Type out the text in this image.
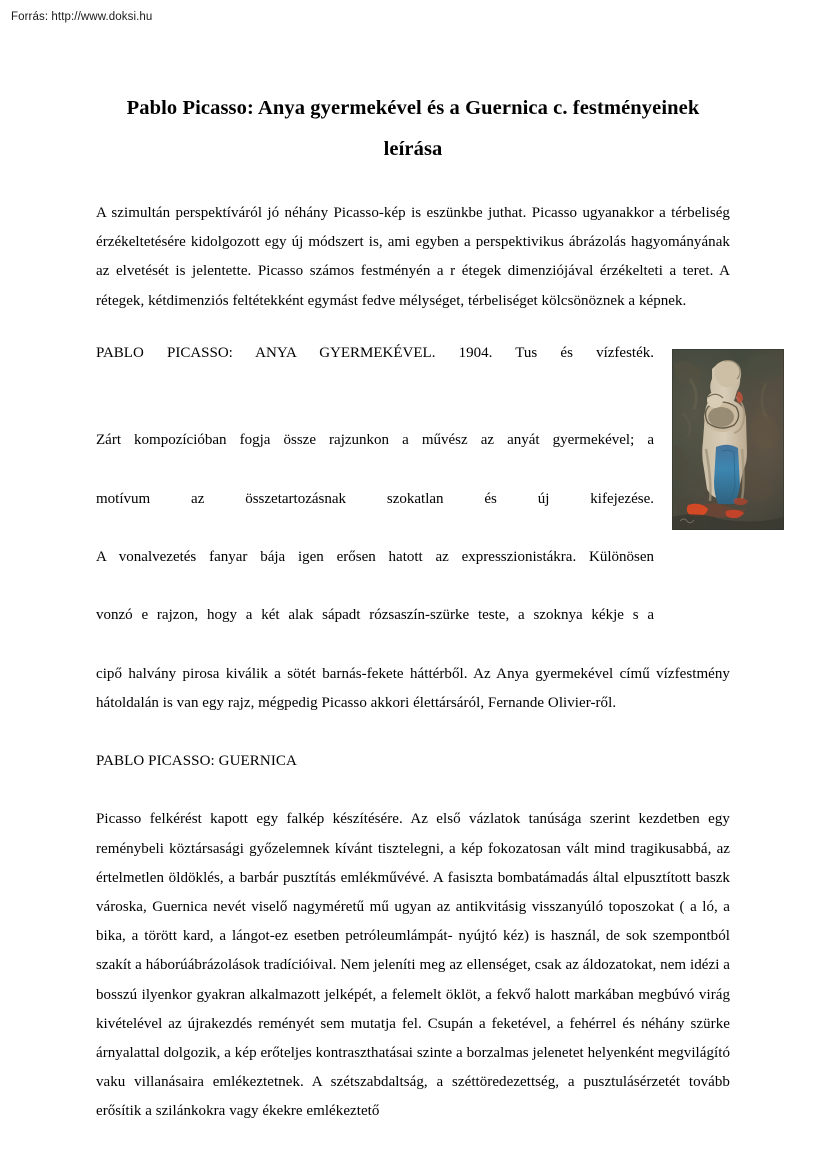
Forrás: http://www.doksi.hu
Pablo Picasso: Anya gyermekével és a Guernica c. festményeinek leírása

A szimultán perspektíváról jó néhány Picasso-kép is eszünkbe juthat. Picasso ugyanakkor a térbeliség érzékeltetésére kidolgozott egy új módszert is, ami egyben a perspektivikus ábrázolás hagyományának az elvetését is jelentette. Picasso számos festményén a r étegek dimenziójával érzékelteti a teret. A rétegek, kétdimenziós feltétekként egymást fedve mélységet, térbeliséget kölcsönöznek a képnek.

PABLO PICASSO: ANYA GYERMEKÉVEL. 1904. Tus és vízfesték.

Zárt kompozícióban fogja össze rajzunkon a művész az anyát gyermekével; a

motívum az összetartozásnak szokatlan és új kifejezése.

A vonalvezetés fanyar bája igen erősen hatott az expresszionistákra. Különösen

vonzó e rajzon, hogy a két alak sápadt rózsaszín-szürke teste, a szoknya kékje s a

cipő halvány pirosa kiválik a sötét barnás-fekete háttérből. Az Anya gyermekével című vízfestmény hátoldalán is van egy rajz, mégpedig Picasso akkori élettársáról, Fernande Olivier-ről.

PABLO PICASSO: GUERNICA

Picasso felkérést kapott egy falkép készítésére. Az első vázlatok tanúsága szerint kezdetben egy reménybeli köztársasági győzelemnek kívánt tisztelegni, a kép fokozatosan vált mind tragikusabbá, az értelmetlen öldöklés, a barbár pusztítás emlékművévé. A fasiszta bombatámadás által elpusztított baszk városka, Guernica nevét viselő nagyméretű mű ugyan az antikvitásig visszanyúló toposzokat ( a ló, a bika, a törött kard, a lángot-ez esetben petróleumlámpát- nyújtó kéz) is használ, de sok szempontból szakít a háborúábrázolások tradícióival. Nem jeleníti meg az ellenséget, csak az áldozatokat, nem idézi a bosszú ilyenkor gyakran alkalmazott jelképét, a felemelt öklöt, a fekvő halott markában megbúvó virág kivételével az újrakezdés reményét sem mutatja fel. Csupán a feketével, a fehérrel és néhány szürke árnyalattal dolgozik, a kép erőteljes kontraszthatásai szinte a borzalmas jelenetet helyenként megvilágító vaku villanásaira emlékeztetnek. A szétszabdaltság, a széttöredezettség, a pusztulásérzetét tovább erősítik a szilánkokra vagy ékekre emlékeztető
